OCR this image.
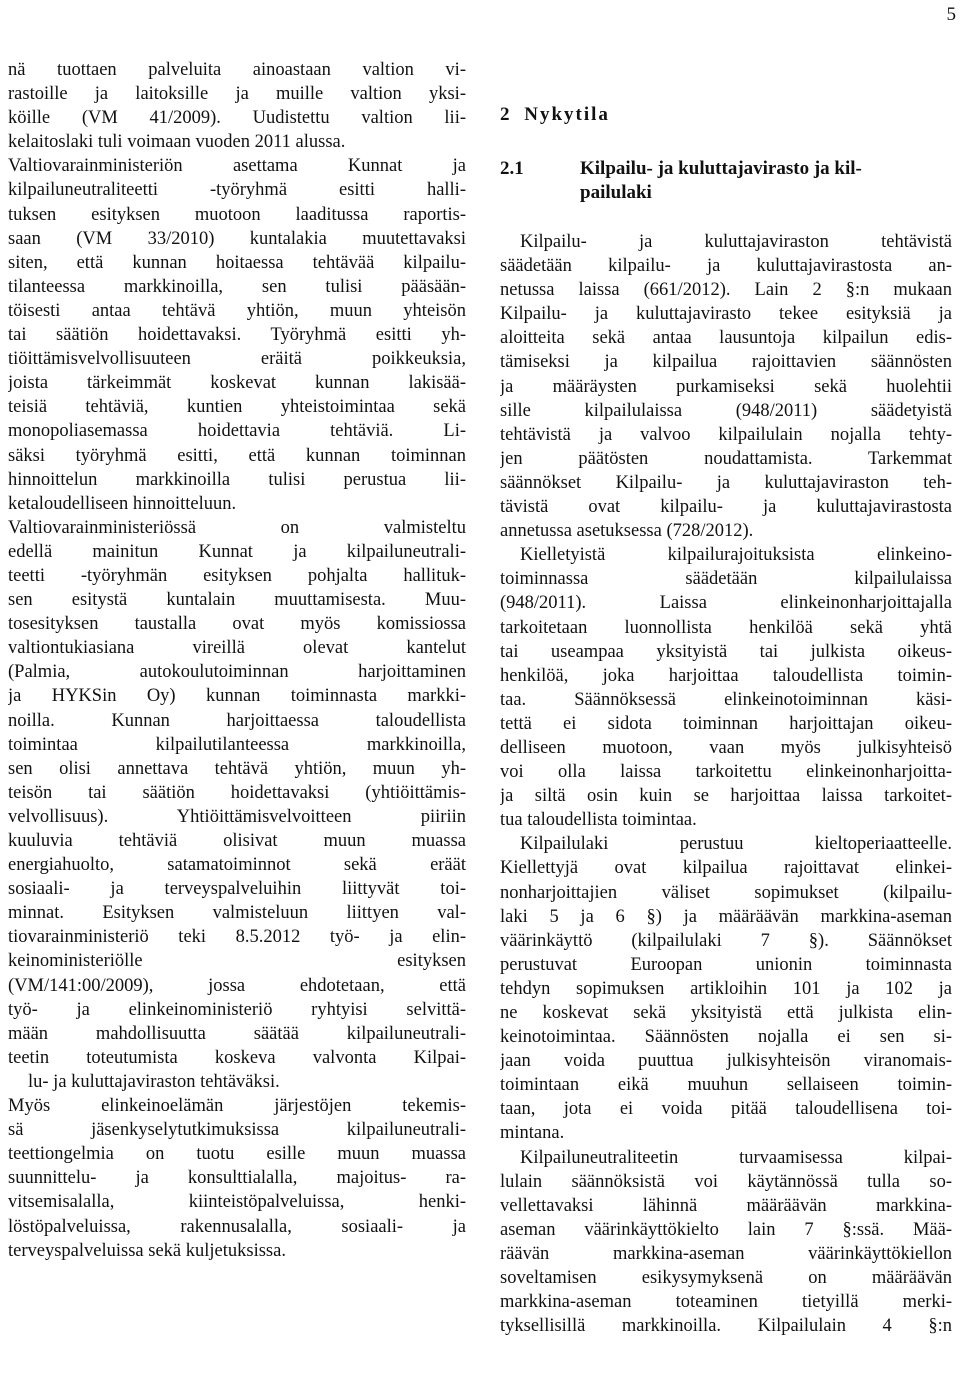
5
nä tuottaen palveluita ainoastaan valtion vi-
rastoille ja laitoksille ja muille valtion yksi-
köille (VM 41/2009). Uudistettu valtion lii-
kelaitoslaki tuli voimaan vuoden 2011 alussa.
Valtiovarainministeriön asettama Kunnat ja
kilpailuneutraliteetti -työryhmä esitti halli-
tuksen esityksen muotoon laaditussa raportis-
saan (VM 33/2010) kuntalakia muutettavaksi
siten, että kunnan hoitaessa tehtävää kilpailu-
tilanteessa markkinoilla, sen tulisi pääsään-
töisesti antaa tehtävä yhtiön, muun yhteisön
tai säätiön hoidettavaksi. Työryhmä esitti yh-
tiöittämisvelvollisuuteen eräitä poikkeuksia,
joista tärkeimmät koskevat kunnan lakisää-
teisiä tehtäviä, kuntien yhteistoimintaa sekä
monopoliasemassa hoidettavia tehtäviä. Li-
säksi työryhmä esitti, että kunnan toiminnan
hinnoittelun markkinoilla tulisi perustua lii-
ketaloudelliseen hinnoitteluun.
Valtiovarainministeriössä on valmisteltu
edellä mainitun Kunnat ja kilpailuneutrali-
teetti -työryhmän esityksen pohjalta hallituk-
sen esitystä kuntalain muuttamisesta. Muu-
tosesityksen taustalla ovat myös komissiossa
valtiontukiasiana vireillä olevat kantelut
(Palmia, autokoulutoiminnan harjoittaminen
ja HYKSin Oy) kunnan toiminnasta markki-
noilla. Kunnan harjoittaessa taloudellista
toimintaa kilpailutilanteessa markkinoilla,
sen olisi annettava tehtävä yhtiön, muun yh-
teisön tai säätiön hoidettavaksi (yhtiöittämis-
velvollisuus). Yhtiöittämisvelvoitteen piiriin
kuuluvia tehtäviä olisivat muun muassa
energiahuolto, satamatoiminnot sekä eräät
sosiaali- ja terveyspalveluihin liittyvät toi-
minnat. Esityksen valmisteluun liittyen val-
tiovarainministeriö teki 8.5.2012 työ- ja elin-
keinoministeriölle esityksen
(VM/141:00/2009), jossa ehdotetaan, että
työ- ja elinkeinoministeriö ryhtyisi selvittä-
mään mahdollisuutta säätää kilpailuneutrali-
teetin toteutumista koskeva valvonta Kilpai-
lu- ja kuluttajaviraston tehtäväksi.
Myös elinkeinoelämän järjestöjen tekemis-
sä jäsenkyselytutkimuksissa kilpailuneutrali-
teettiongelmia on tuotu esille muun muassa
suunnittelu- ja konsulttialalla, majoitus- ra-
vitsemisalalla, kiinteistöpalveluissa, henki-
löstöpalveluissa, rakennusalalla, sosiaali- ja
terveyspalveluissa sekä kuljetuksissa.
2 Nykytila
2.1	Kilpailu- ja kuluttajavirasto ja kil-
pailulaki
Kilpailu- ja kuluttajaviraston tehtävistä
säädetään kilpailu- ja kuluttajavirastosta an-
netussa laissa (661/2012). Lain 2 §:n mukaan
Kilpailu- ja kuluttajavirasto tekee esityksiä ja
aloitteita sekä antaa lausuntoja kilpailun edis-
tämiseksi ja kilpailua rajoittavien säännösten
ja määräysten purkamiseksi sekä huolehtii
sille kilpailulaissa (948/2011) säädetyistä
tehtävistä ja valvoo kilpailulain nojalla tehty-
jen päätösten noudattamista. Tarkemmat
säännökset Kilpailu- ja kuluttajaviraston teh-
tävistä ovat kilpailu- ja kuluttajavirastosta
annetussa asetuksessa (728/2012).
Kielletyistä kilpailurajoituksista elinkeino-
toiminnassa säädetään kilpailulaissa
(948/2011). Laissa elinkeinonharjoittajalla
tarkoitetaan luonnollista henkilöä sekä yhtä
tai useampaa yksityistä tai julkista oikeus-
henkilöä, joka harjoittaa taloudellista toimin-
taa. Säännöksessä elinkeinotoiminnan käsi-
tettä ei sidota toiminnan harjoittajan oikeu-
delliseen muotoon, vaan myös julkisyhteisö
voi olla laissa tarkoitettu elinkeinonharjoitta-
ja siltä osin kuin se harjoittaa laissa tarkoitet-
tua taloudellista toimintaa.
Kilpailulaki perustuu kieltoperiaatteelle.
Kiellettyjä ovat kilpailua rajoittavat elinkei-
nonharjoittajien väliset sopimukset (kilpailu-
laki 5 ja 6 §) ja määräävän markkina-aseman
väärinkäyttö (kilpailulaki 7 §). Säännökset
perustuvat Euroopan unionin toiminnasta
tehdyn sopimuksen artikloihin 101 ja 102 ja
ne koskevat sekä yksityistä että julkista elin-
keinotoimintaa. Säännösten nojalla ei sen si-
jaan voida puuttua julkisyhteisön viranomais-
toimintaan eikä muuhun sellaiseen toimin-
taan, jota ei voida pitää taloudellisena toi-
mintana.
Kilpailuneutraliteetin turvaamisessa kilpai-
lulain säännöksistä voi käytännössä tulla so-
vellettavaksi lähinnä määräävän markkina-
aseman väärinkäyttökielto lain 7 §:ssä. Mää-
räävän markkina-aseman väärinkäyttökiellon
soveltamisen esikysymyksenä on määräävän
markkina-aseman toteaminen tietyillä merki-
tyksellisillä markkinoilla. Kilpailulain 4 §:n
